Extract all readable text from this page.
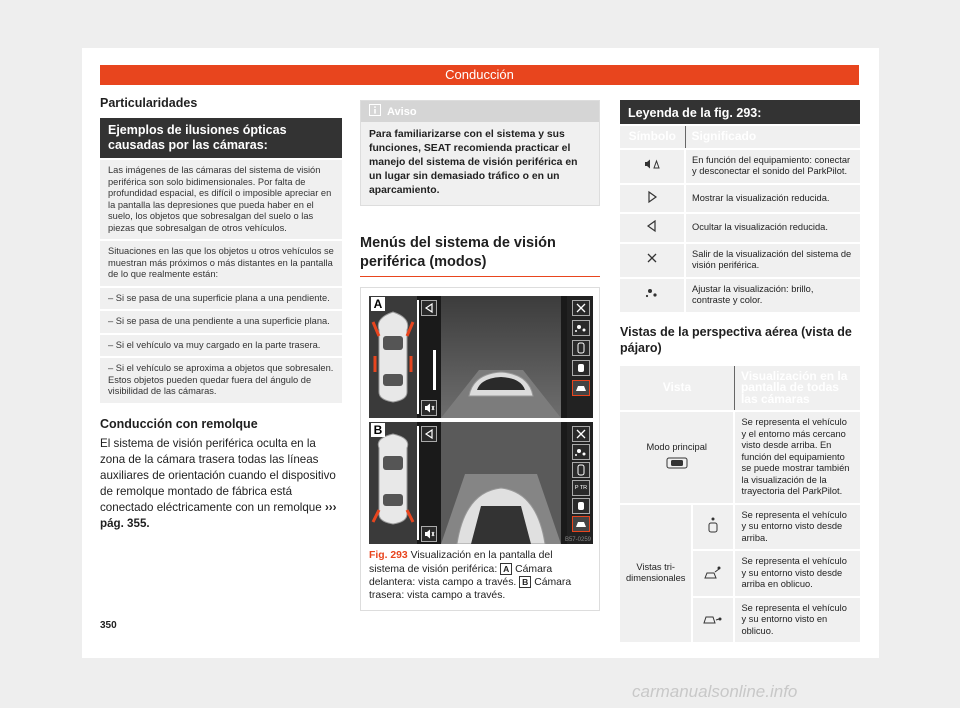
Conducción
Particularidades
Ejemplos de ilusiones ópticas causadas por las cámaras:
Las imágenes de las cámaras del sistema de visión periférica son solo bidimensionales. Por falta de profundidad espacial, es difícil o imposible apreciar en la pantalla las depresiones que pueda haber en el suelo, los objetos que sobresalgan del suelo o las piezas que sobresalgan de otros vehículos.
Situaciones en las que los objetos u otros vehículos se muestran más próximos o más distantes en la pantalla de lo que realmente están:
– Si se pasa de una superficie plana a una pendiente.
– Si se pasa de una pendiente a una superficie plana.
– Si el vehículo va muy cargado en la parte trasera.
– Si el vehículo se aproxima a objetos que sobresalen. Estos objetos pueden quedar fuera del ángulo de visibilidad de las cámaras.
Conducción con remolque

El sistema de visión periférica oculta en la zona de la cámara trasera todas las líneas auxiliares de orientación cuando el dispositivo de remolque montado de fábrica está conectado eléctricamente con un remolque ››› pág. 355.

Aviso
Para familiarizarse con el sistema y sus funciones, SEAT recomienda practicar el manejo del sistema de visión periférica en un lugar sin demasiado tráfico o en un aparcamiento.
Menús del sistema de visión periférica (modos)
A
B
P TR
B57-0259
Fig. 293 Visualización en la pantalla del sistema de visión periférica: A Cámara delantera: vista campo a través. B Cámara trasera: vista campo a través.
Leyenda de la fig. 293:
Símbolo	Significado
	En función del equipamiento: conectar y desconectar el sonido del ParkPilot.
	Mostrar la visualización reducida.
	Ocultar la visualización reducida.
	Salir de la visualización del sistema de visión periférica.
	Ajustar la visualización: brillo, contraste y color.
Vistas de la perspectiva aérea (vista de pájaro)
Vista		Visualización en la pantalla de todas las cámaras

Modo principal		Se representa el vehículo y el entorno más cercano visto desde arriba. En función del equipamiento se puede mostrar también la visualización de la trayectoria del ParkPilot.
Vistas tri-dimensionales		Se representa el vehículo y su entorno visto desde arriba.
	Se representa el vehículo y su entorno visto desde arriba en oblicuo.
	Se representa el vehículo y su entorno visto en oblicuo.
350
carmanualsonline.info
